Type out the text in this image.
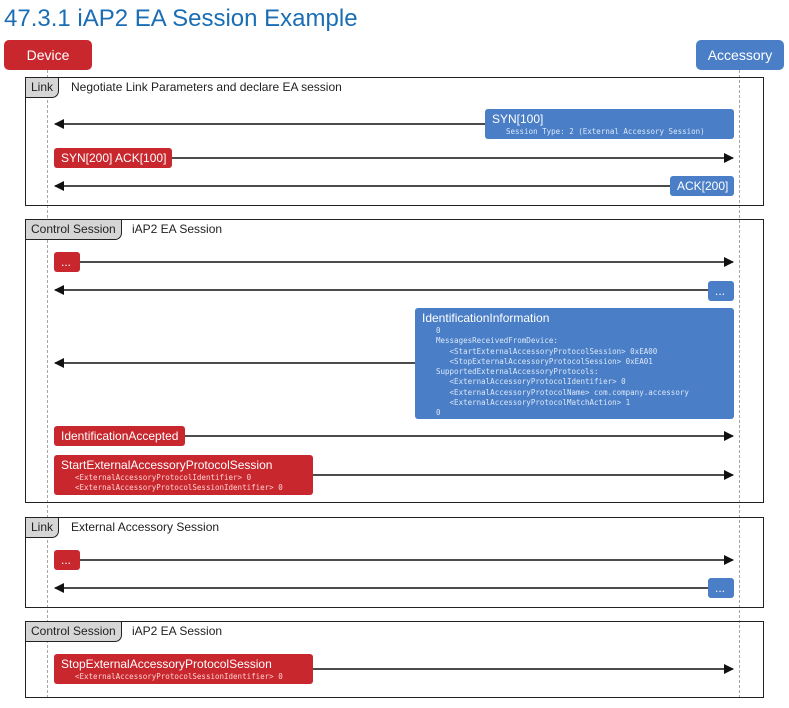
47.3.1 iAP2 EA Session Example
Device	Accessory
Link	Negotiate Link Parameters and declare EA session
Control Session	iAP2 EA Session
Link	External Accessory Session
Control Session	iAP2 EA Session
SYN[100]
Session Type: 2 (External Accessory Session)
SYN[200] ACK[100]
ACK[200]
...
...
IdentificationInformation
0
MessagesReceivedFromDevice:
<StartExternalAccessoryProtocolSession> 0xEA00
<StopExternalAccessoryProtocolSession> 0xEA01
SupportedExternalAccessoryProtocols:
<ExternalAccessoryProtocolIdentifier> 0
<ExternalAccessoryProtocolName> com.company.accessory
<ExternalAccessoryProtocolMatchAction> 1
0
IdentificationAccepted
StartExternalAccessoryProtocolSession
<ExternalAccessoryProtocolIdentifier> 0
<ExternalAccessoryProtocolSessionIdentifier> 0
...
...
StopExternalAccessoryProtocolSession
<ExternalAccessoryProtocolSessionIdentifier> 0
